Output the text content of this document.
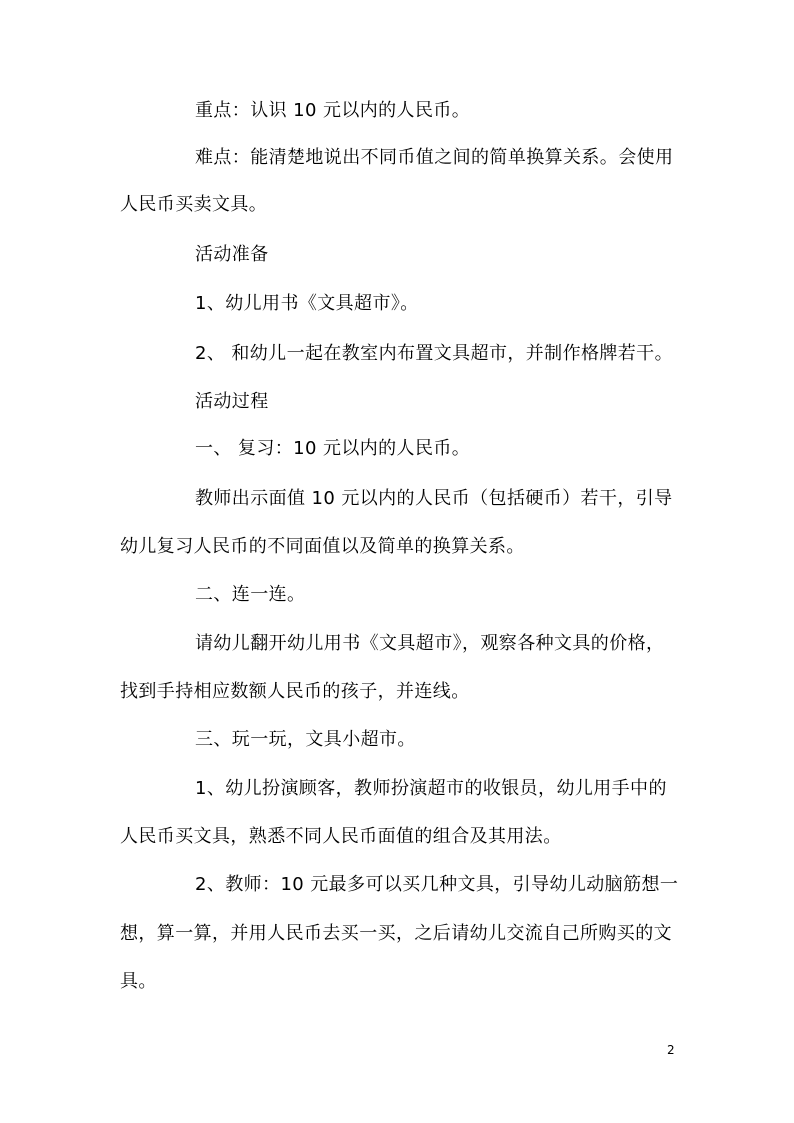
重点：认识 10 元以内的人民币。
难点：能清楚地说出不同币值之间的简单换算关系。会使用
人民币买卖文具。
活动准备
1、幼儿用书《文具超市》。
2、 和幼儿一起在教室内布置文具超市，并制作格牌若干。
活动过程
一、 复习：10 元以内的人民币。
教师出示面值 10 元以内的人民币（包括硬币）若干，引导
幼儿复习人民币的不同面值以及简单的换算关系。
二、连一连。
请幼儿翻开幼儿用书《文具超市》，观察各种文具的价格，
找到手持相应数额人民币的孩子，并连线。
三、玩一玩，文具小超市。
1、幼儿扮演顾客，教师扮演超市的收银员，幼儿用手中的
人民币买文具，熟悉不同人民币面值的组合及其用法。
2、教师：10 元最多可以买几种文具，引导幼儿动脑筋想一
想，算一算，并用人民币去买一买，之后请幼儿交流自己所购买的文
具。
2
